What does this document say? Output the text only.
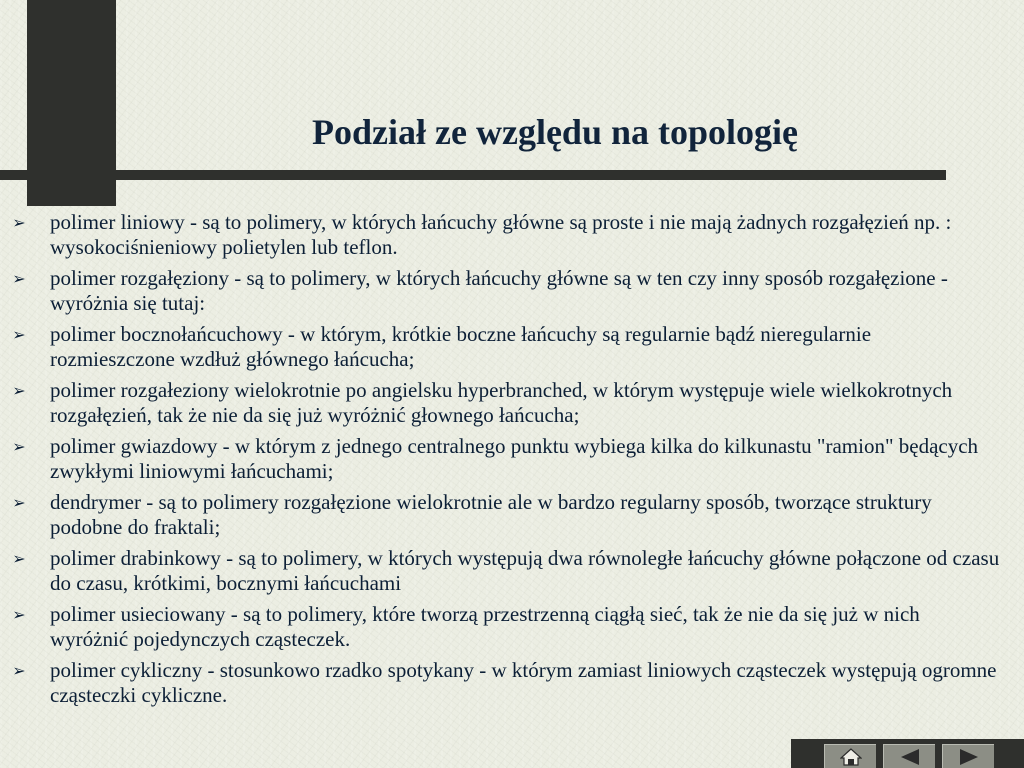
Podział ze względu na topologię
➢ polimer liniowy - są to polimery, w których łańcuchy główne są proste i nie mają żadnych rozgałęzień np. : wysokociśnieniowy polietylen lub teflon.
➢ polimer rozgałęziony - są to polimery, w których łańcuchy główne są w ten czy inny sposób rozgałęzione - wyróżnia się tutaj:
➢ polimer bocznołańcuchowy - w którym, krótkie boczne łańcuchy są regularnie bądź nieregularnie rozmieszczone wzdłuż głównego łańcucha;
➢ polimer rozgałeziony wielokrotnie po angielsku hyperbranched, w którym występuje wiele wielkokrotnych rozgałęzień, tak że nie da się już wyróżnić głownego łańcucha;
➢ polimer gwiazdowy - w którym z jednego centralnego punktu wybiega kilka do kilkunastu "ramion" będących zwykłymi liniowymi łańcuchami;
➢ dendrymer - są to polimery rozgałęzione wielokrotnie ale w bardzo regularny sposób, tworzące struktury podobne do fraktali;
➢ polimer drabinkowy - są to polimery, w których występują dwa równoległe łańcuchy główne połączone od czasu do czasu, krótkimi, bocznymi łańcuchami
➢ polimer usieciowany - są to polimery, które tworzą przestrzenną ciągłą sieć, tak że nie da się już w nich wyróżnić pojedynczych cząsteczek.
➢ polimer cykliczny - stosunkowo rzadko spotykany - w którym zamiast liniowych cząsteczek występują ogromne cząsteczki cykliczne.
